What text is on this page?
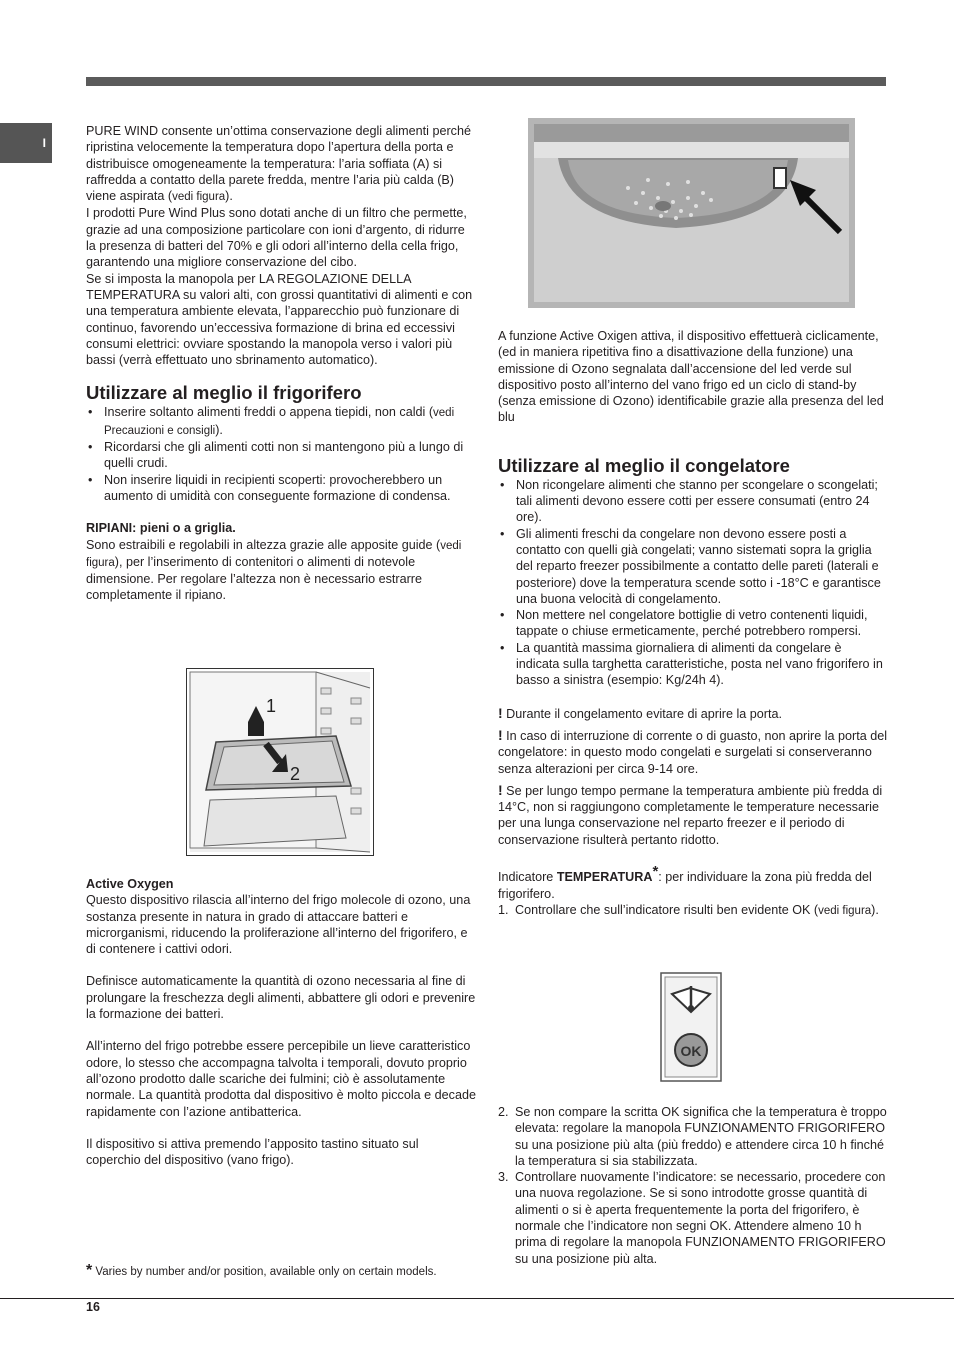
I

PURE WIND consente un’ottima conservazione degli alimenti perché ripristina velocemente la temperatura dopo l’apertura della porta e distribuisce omogeneamente la temperatura: l’aria soffiata (A) si raffredda a contatto della parete fredda, mentre l’aria più calda (B) viene aspirata (vedi figura).

I prodotti Pure Wind Plus sono dotati anche di un filtro che permette, grazie ad una composizione particolare con ioni d’argento, di ridurre la presenza di batteri del 70% e gli odori all’interno della cella frigo, garantendo una migliore conservazione del cibo.

Se si imposta la manopola per LA REGOLAZIONE DELLA TEMPERATURA su valori alti, con grossi quantitativi di alimenti e con una temperatura ambiente elevata, l’apparecchio può funzionare di continuo, favorendo un’eccessiva formazione di brina ed eccessivi consumi elettrici: ovviare spostando la manopola verso i valori più bassi (verrà effettuato uno sbrinamento automatico).

Utilizzare al meglio il frigorifero
• Inserire soltanto alimenti freddi o appena tiepidi, non caldi (vedi Precauzioni e consigli).
• Ricordarsi che gli alimenti cotti non si mantengono più a lungo di quelli crudi.
• Non inserire liquidi in recipienti scoperti: provocherebbero un aumento di umidità con conseguente formazione di condensa.
RIPIANI: pieni o a griglia.

Sono estraibili e regolabili in altezza grazie alle apposite guide (vedi figura), per l’inserimento di contenitori o alimenti di notevole dimensione. Per regolare l’altezza non è necessario estrarre completamente il ripiano.

1
2
Active Oxygen

Questo dispositivo rilascia all’interno del frigo molecole di ozono, una sostanza presente in natura in grado di attaccare batteri e microrganismi, riducendo la proliferazione all’interno del frigorifero, e di contenere i cattivi odori.

Definisce automaticamente la quantità di ozono necessaria al fine di prolungare la freschezza degli alimenti, abbattere gli odori e prevenire la formazione dei batteri.

All’interno del frigo potrebbe essere percepibile un lieve caratteristico odore, lo stesso che accompagna talvolta i temporali, dovuto proprio all’ozono prodotto dalle scariche dei fulmini; ciò è assolutamente normale. La quantità prodotta dal dispositivo è molto piccola e decade rapidamente con l’azione antibatterica.

Il dispositivo si attiva premendo l’apposito tastino situato sul coperchio del dispositivo (vano frigo).

* Varies by number and/or position, available only on certain models.

A funzione Active Oxigen attiva, il dispositivo effettuerà ciclicamente, (ed in maniera ripetitiva fino a disattivazione della funzione) una emissione di Ozono segnalata dall’accensione del led verde sul dispositivo posto all’interno del vano frigo ed un ciclo di stand-by (senza emissione di Ozono) identificabile grazie alla presenza del led blu

Utilizzare al meglio il congelatore
• Non ricongelare alimenti che stanno per scongelare o scongelati; tali alimenti devono essere cotti per essere consumati (entro 24 ore).
• Gli alimenti freschi da congelare non devono essere posti a contatto con quelli già congelati; vanno sistemati sopra la griglia del reparto freezer possibilmente a contatto delle pareti (laterali e posteriore) dove la temperatura scende sotto i -18°C e garantisce una buona velocità di congelamento.
• Non mettere nel congelatore bottiglie di vetro contenenti liquidi, tappate o chiuse ermeticamente, perché potrebbero rompersi.
• La quantità massima giornaliera di alimenti da congelare è indicata sulla targhetta caratteristiche, posta nel vano frigorifero in basso a sinistra (esempio: Kg/24h 4).

! Durante il congelamento evitare di aprire la porta.

! In caso di interruzione di corrente o di guasto, non aprire la porta del congelatore: in questo modo congelati e surgelati si conserveranno senza alterazioni per circa 9-14 ore.

! Se per lungo tempo permane la temperatura ambiente più fredda di 14°C, non si raggiungono completamente le temperature necessarie per una lunga conservazione nel reparto freezer e il periodo di conservazione risulterà pertanto ridotto.

Indicatore TEMPERATURA*: per individuare la zona più fredda del frigorifero.

1. Controllare che sull’indicatore risulti ben evidente OK (vedi figura).
OK
2. Se non compare la scritta OK significa che la temperatura è troppo elevata: regolare la manopola FUNZIONAMENTO FRIGORIFERO su una posizione più alta (più freddo) e attendere circa 10 h finché la temperatura si sia stabilizzata.
3. Controllare nuovamente l’indicatore: se necessario, procedere con una nuova regolazione. Se si sono introdotte grosse quantità di alimenti o si è aperta frequentemente la porta del frigorifero, è normale che l’indicatore non segni OK. Attendere almeno 10 h prima di regolare la manopola FUNZIONAMENTO FRIGORIFERO su una posizione più alta.
16
